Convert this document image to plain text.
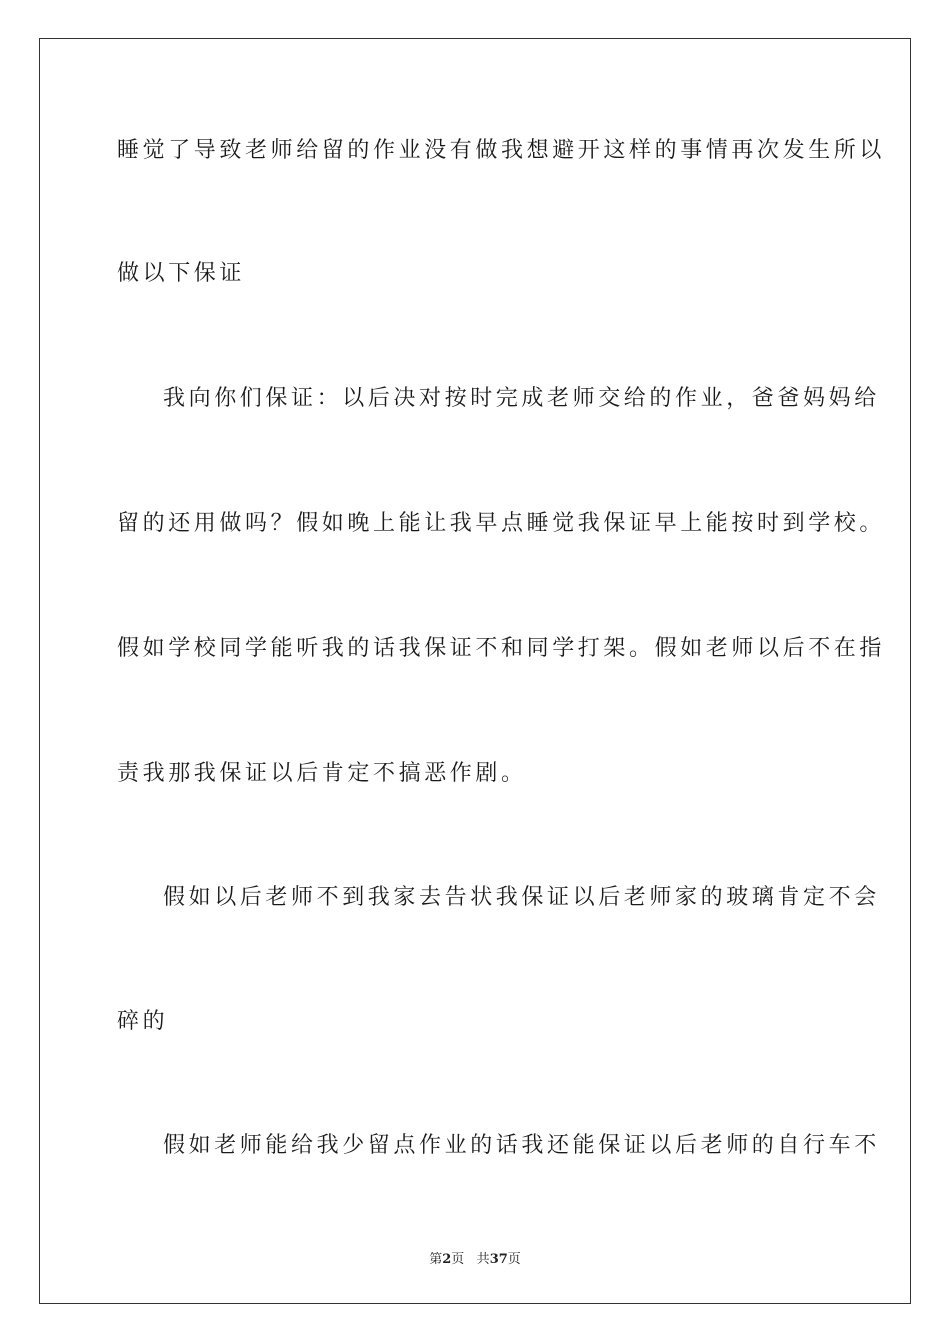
睡觉了导致老师给留的作业没有做我想避开这样的事情再次发生所以
做以下保证
我向你们保证：以后决对按时完成老师交给的作业，爸爸妈妈给
留的还用做吗？假如晚上能让我早点睡觉我保证早上能按时到学校。
假如学校同学能听我的话我保证不和同学打架。假如老师以后不在指
责我那我保证以后肯定不搞恶作剧。
假如以后老师不到我家去告状我保证以后老师家的玻璃肯定不会
碎的
假如老师能给我少留点作业的话我还能保证以后老师的自行车不
第2页 共37页
